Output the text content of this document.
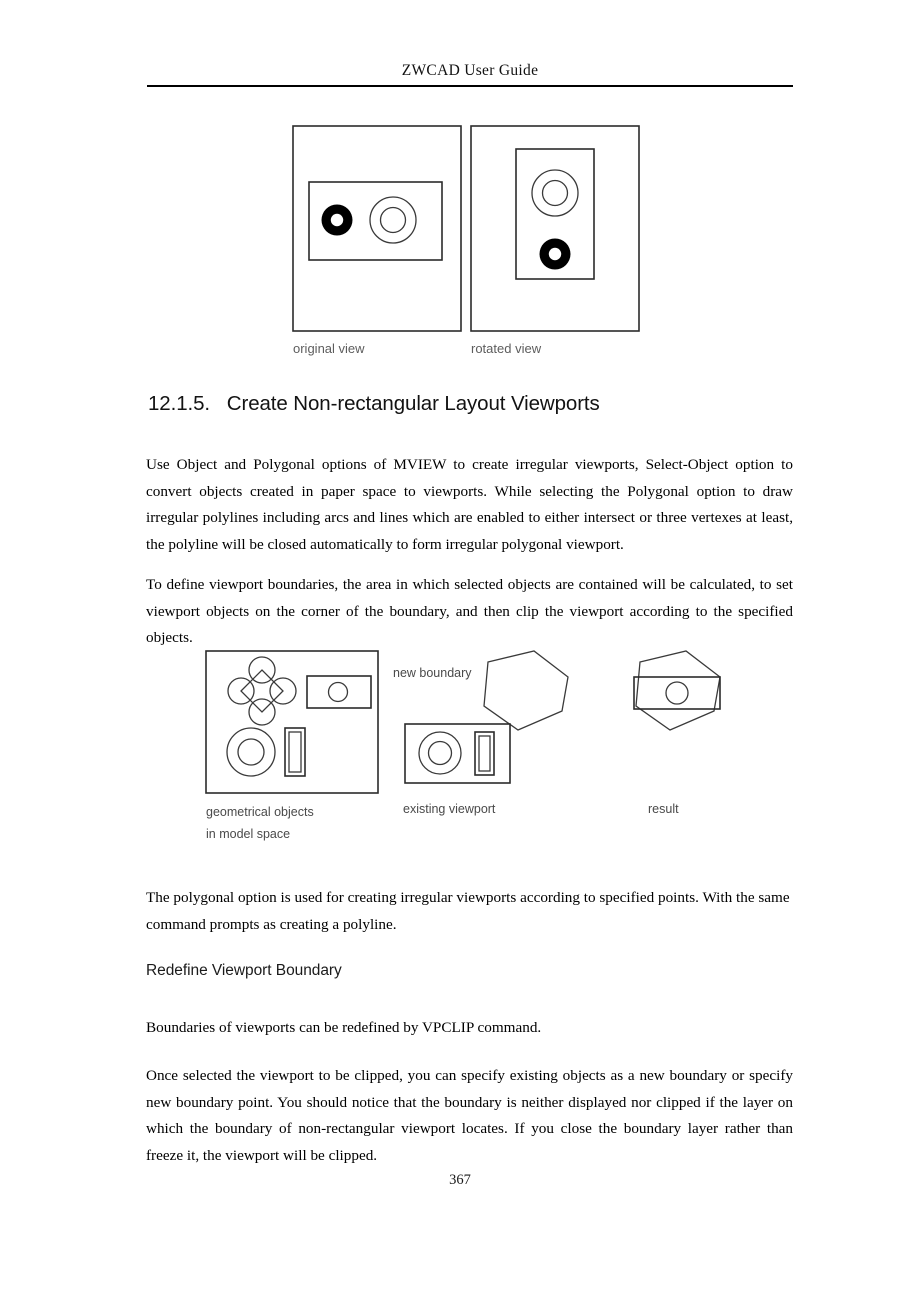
ZWCAD User Guide
original view	rotated view
12.1.5.   Create Non-rectangular Layout Viewports
Use Object and Polygonal options of MVIEW to create irregular viewports, Select-Object option to convert objects created in paper space to viewports. While selecting the Polygonal option to draw irregular polylines including arcs and lines which are enabled to either intersect or three vertexes at least, the polyline will be closed automatically to form irregular polygonal viewport.
To define viewport boundaries, the area in which selected objects are contained will be calculated, to set viewport objects on the corner of the boundary, and then clip the viewport according to the specified objects.
geometrical objects
in model space
new boundary
existing viewport	result
The polygonal option is used for creating irregular viewports according to specified points. With the same command prompts as creating a polyline.
Redefine Viewport Boundary
Boundaries of viewports can be redefined by VPCLIP command.
Once selected the viewport to be clipped, you can specify existing objects as a new boundary or specify new boundary point. You should notice that the boundary is neither displayed nor clipped if the layer on which the boundary of non-rectangular viewport locates. If you close the boundary layer rather than freeze it, the viewport will be clipped.
367
